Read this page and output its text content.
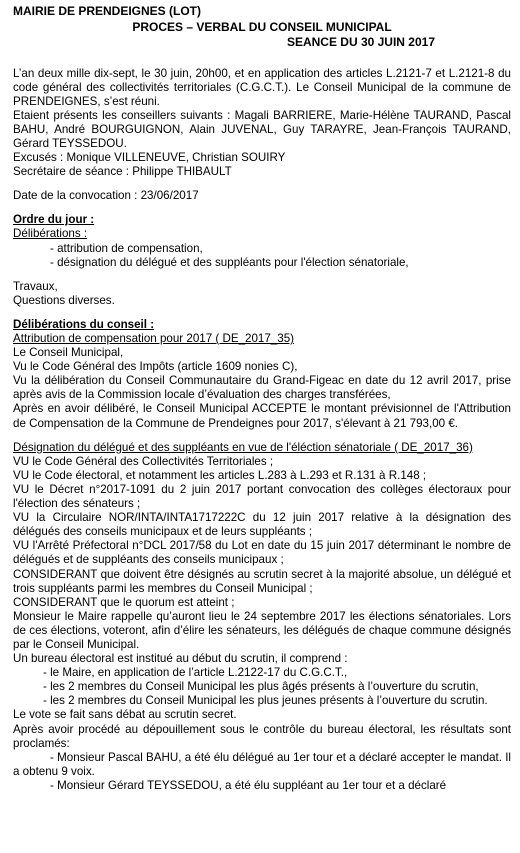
MAIRIE DE PRENDEIGNES (LOT)
PROCES – VERBAL DU CONSEIL MUNICIPAL
SEANCE DU 30 JUIN 2017

L’an deux mille dix-sept, le 30 juin, 20h00, et en application des articles L.2121-7 et L.2121-8 du code général des collectivités territoriales (C.G.C.T.). Le Conseil Municipal de la commune de PRENDEIGNES, s’est réuni.

Etaient présents les conseillers suivants : Magali BARRIERE, Marie-Hélène TAURAND, Pascal BAHU, André BOURGUIGNON, Alain JUVENAL, Guy TARAYRE, Jean-François TAURAND, Gérard TEYSSEDOU.

Excusés : Monique VILLENEUVE, Christian SOUIRY

Secrétaire de séance : Philippe THIBAULT

Date de la convocation : 23/06/2017

Ordre du jour :

Délibérations :

- attribution de compensation,

- désignation du délégué et des suppléants pour l'élection sénatoriale,

Travaux,

Questions diverses.

Délibérations du conseil :

Attribution de compensation pour 2017 ( DE_2017_35)

Le Conseil Municipal,

Vu le Code Général des Impôts (article 1609 nonies C),

Vu la délibération du Conseil Communautaire du Grand-Figeac en date du 12 avril 2017, prise après avis de la Commission locale d’évaluation des charges transférées,

Après en avoir délibéré, le Conseil Municipal ACCEPTE le montant prévisionnel de l'Attribution de Compensation de la Commune de Prendeignes pour 2017, s'élevant à 21 793,00 €.

Désignation du délégué et des suppléants en vue de l'éléction sénatoriale ( DE_2017_36)

VU le Code Général des Collectivités Territoriales ;

VU le Code électoral, et notamment les articles L.283 à L.293 et R.131 à R.148 ;

VU le Décret n°2017-1091 du 2 juin 2017 portant convocation des collèges électoraux pour l'élection des sénateurs ;

VU la Circulaire NOR/INTA/INTA1717222C du 12 juin 2017 relative à la désignation des délégués des conseils municipaux et de leurs suppléants ;

VU l'Arrêté Préfectoral n°DCL 2017/58 du Lot en date du 15 juin 2017 déterminant le nombre de délégués et de suppléants des conseils municipaux ;

CONSIDERANT que doivent être désignés au scrutin secret à la majorité absolue, un délégué et trois suppléants parmi les membres du Conseil Municipal ;

CONSIDERANT que le quorum est atteint ;

Monsieur le Maire rappelle qu’auront lieu le 24 septembre 2017 les élections sénatoriales. Lors de ces élections, voteront, afin d’élire les sénateurs, les délégués de chaque commune désignés par le Conseil Municipal.

Un bureau électoral est institué au début du scrutin, il comprend :

- le Maire, en application de l’article L.2122-17 du C.G.C.T.,

- les 2 membres du Conseil Municipal les plus âgés présents à l’ouverture du scrutin,

- les 2 membres du Conseil Municipal les plus jeunes présents à l’ouverture du scrutin.

Le vote se fait sans débat au scrutin secret.

Après avoir procédé au dépouillement sous le contrôle du bureau électoral, les résultats sont proclamés:

- Monsieur Pascal BAHU, a été élu délégué au 1er tour et a déclaré accepter le mandat. Il a obtenu 9 voix.

- Monsieur Gérard TEYSSEDOU, a été élu suppléant au 1er tour et a déclaré
